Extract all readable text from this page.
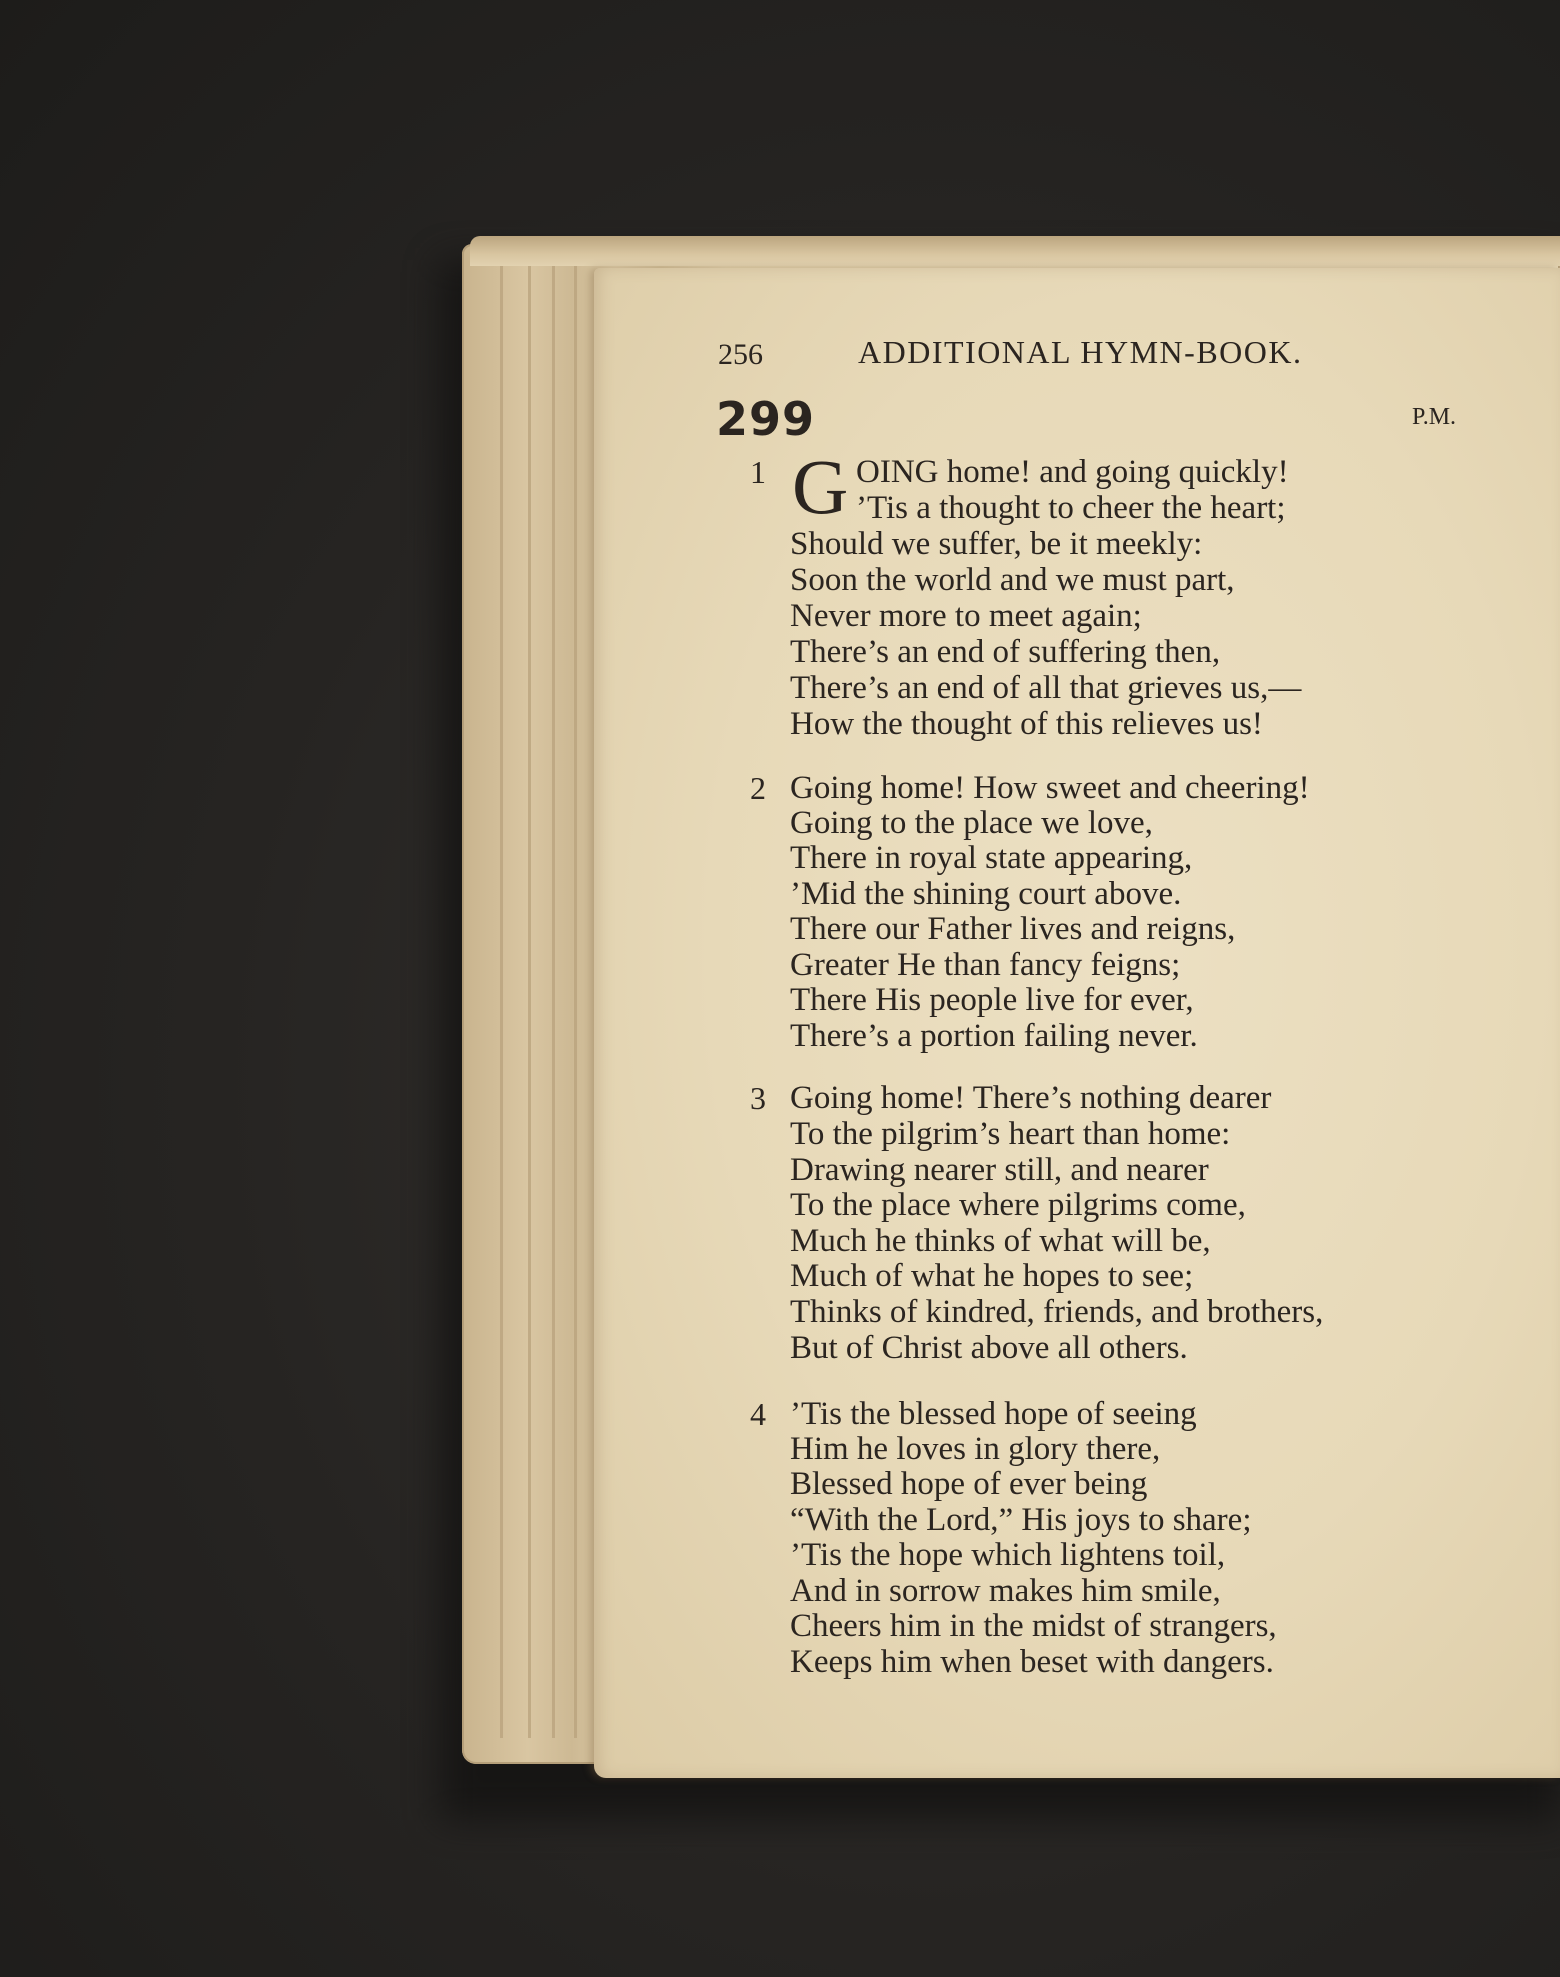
256	ADDITIONAL HYMN-BOOK.
299	P.M.
1 G OING home! and going quickly!
’Tis a thought to cheer the heart;
Should we suffer, be it meekly:
Soon the world and we must part,
Never more to meet again;
There’s an end of suffering then,
There’s an end of all that grieves us,—
How the thought of this relieves us!
2 Going home! How sweet and cheering!
Going to the place we love,
There in royal state appearing,
’Mid the shining court above.
There our Father lives and reigns,
Greater He than fancy feigns;
There His people live for ever,
There’s a portion failing never.
3 Going home! There’s nothing dearer
To the pilgrim’s heart than home:
Drawing nearer still, and nearer
To the place where pilgrims come,
Much he thinks of what will be,
Much of what he hopes to see;
Thinks of kindred, friends, and brothers,
But of Christ above all others.
4 ’Tis the blessed hope of seeing
Him he loves in glory there,
Blessed hope of ever being
“With the Lord,” His joys to share;
’Tis the hope which lightens toil,
And in sorrow makes him smile,
Cheers him in the midst of strangers,
Keeps him when beset with dangers.
